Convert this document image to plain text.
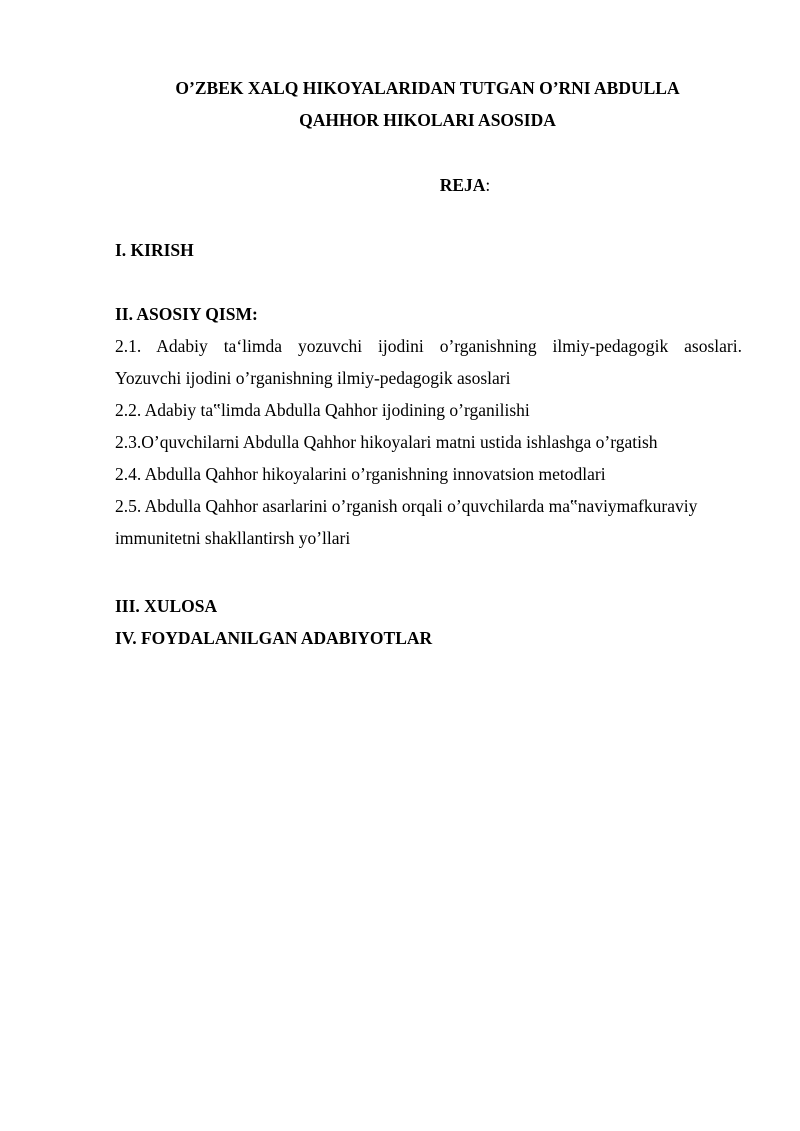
O’ZBEK XALQ HIKOYALARIDAN TUTGAN O’RNI ABDULLA
QAHHOR HIKOLARI ASOSIDA
REJA:
I. KIRISH
II. ASOSIY QISM:
2.1. Adabiy ta‘limda yozuvchi ijodini o’rganishning ilmiy-pedagogik asoslari.
Yozuvchi ijodini o’rganishning ilmiy-pedagogik asoslari
2.2. Adabiy ta‟limda Abdulla Qahhor ijodining o’rganilishi
2.3.O’quvchilarni Abdulla Qahhor hikoyalari matni ustida ishlashga o’rgatish
2.4. Abdulla Qahhor hikoyalarini o’rganishning innovatsion metodlari
2.5. Abdulla Qahhor asarlarini o’rganish orqali o’quvchilarda ma‟naviymafkuraviy
immunitetni shakllantirsh yo’llari
III. XULOSA
IV. FOYDALANILGAN ADABIYOTLAR
